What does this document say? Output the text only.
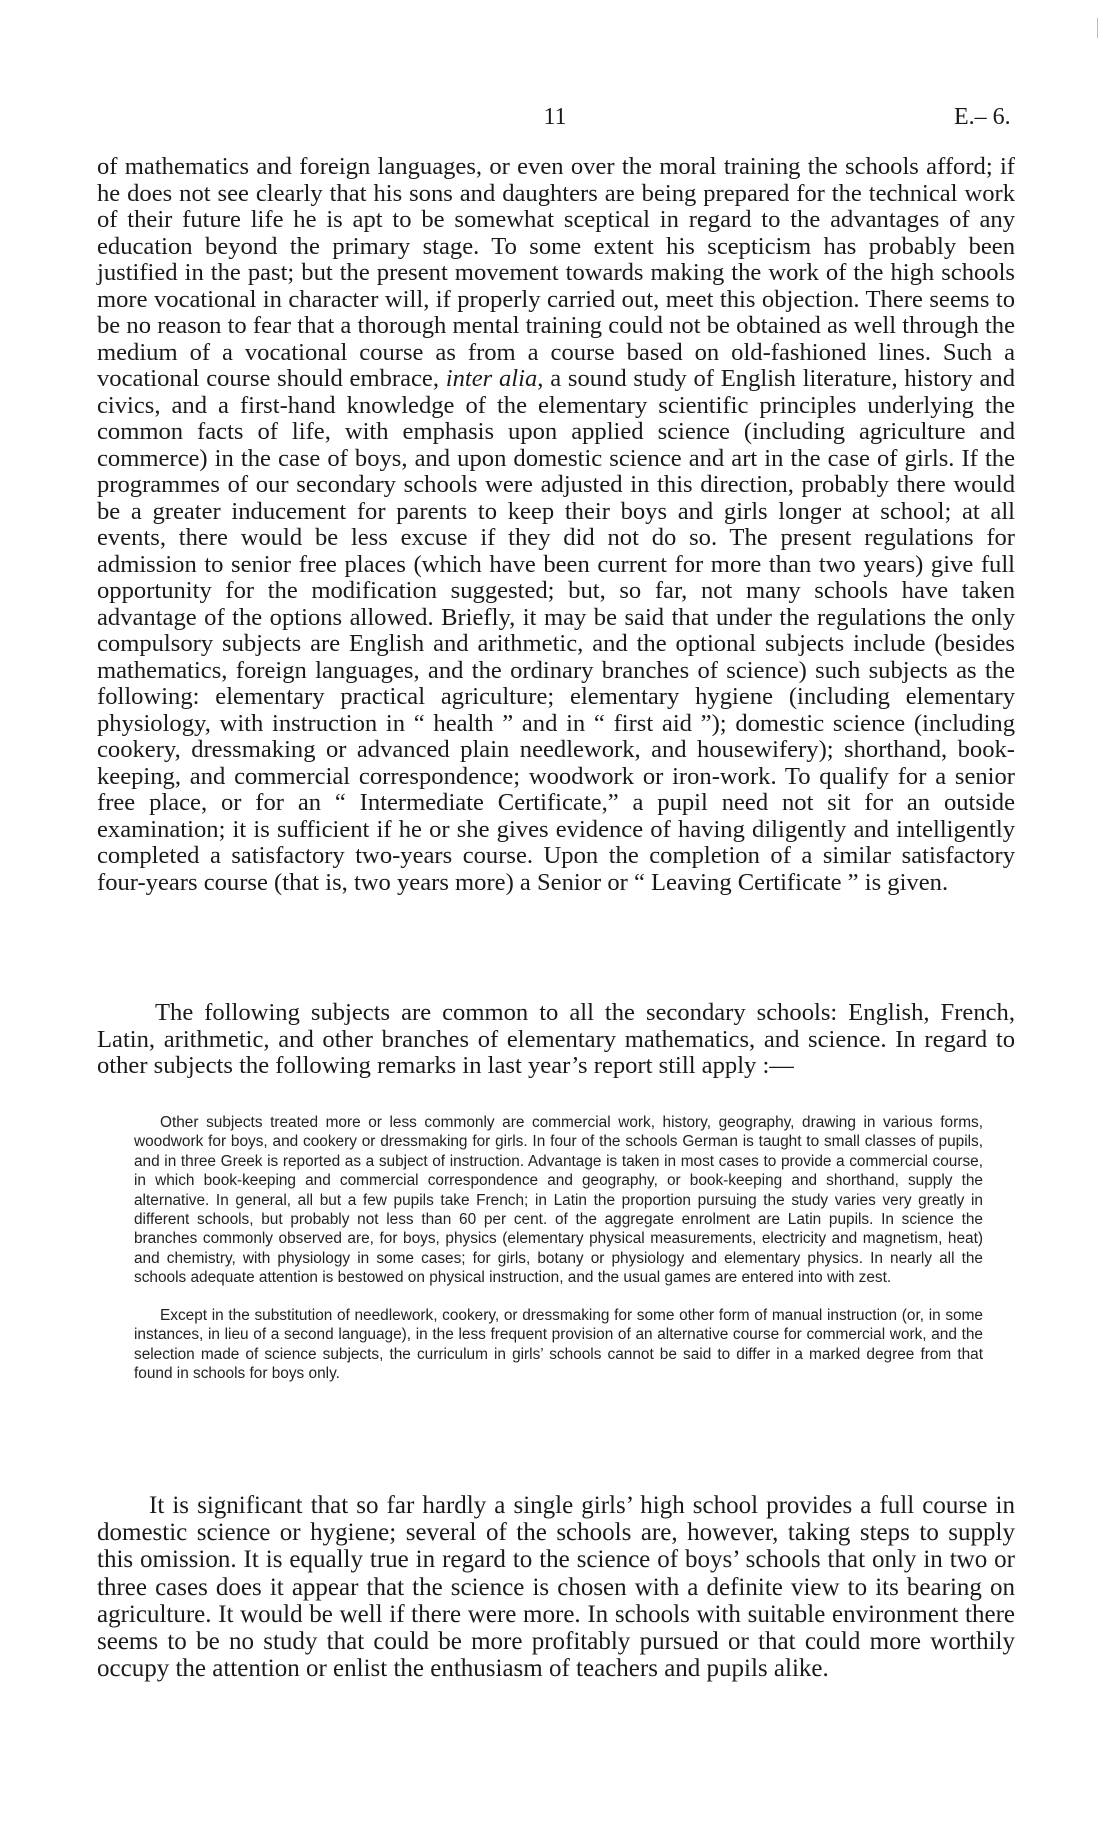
11	E.– 6.

of mathematics and foreign languages, or even over the moral training the schools afford; if he does not see clearly that his sons and daughters are being prepared for the technical work of their future life he is apt to be somewhat sceptical in regard to the advantages of any education beyond the primary stage. To some extent his scepticism has probably been justified in the past; but the present movement towards making the work of the high schools more vocational in character will, if properly carried out, meet this objection. There seems to be no reason to fear that a thorough mental training could not be obtained as well through the medium of a vocational course as from a course based on old-fashioned lines. Such a vocational course should embrace, inter alia, a sound study of English literature, history and civics, and a first-hand knowledge of the elementary scientific principles underlying the common facts of life, with emphasis upon applied science (including agriculture and commerce) in the case of boys, and upon domestic science and art in the case of girls. If the programmes of our secondary schools were adjusted in this direction, probably there would be a greater inducement for parents to keep their boys and girls longer at school; at all events, there would be less excuse if they did not do so. The present regulations for admission to senior free places (which have been current for more than two years) give full opportunity for the modification suggested; but, so far, not many schools have taken advantage of the options allowed. Briefly, it may be said that under the regulations the only compulsory subjects are English and arithmetic, and the optional subjects include (besides mathematics, foreign languages, and the ordinary branches of science) such subjects as the following: elementary practical agriculture; elementary hygiene (including elementary physiology, with instruction in “ health ” and in “ first aid ”); domestic science (including cookery, dressmaking or advanced plain needlework, and housewifery); shorthand, book-keeping, and commercial correspondence; woodwork or iron-work. To qualify for a senior free place, or for an “ Intermediate Certificate,” a pupil need not sit for an outside examination; it is sufficient if he or she gives evidence of having diligently and intelligently completed a satisfactory two-years course. Upon the completion of a similar satisfactory four-years course (that is, two years more) a Senior or “ Leaving Certificate ” is given.

The following subjects are common to all the secondary schools: English, French, Latin, arithmetic, and other branches of elementary mathematics, and science. In regard to other subjects the following remarks in last year’s report still apply :—

Other subjects treated more or less commonly are commercial work, history, geography, drawing in various forms, woodwork for boys, and cookery or dressmaking for girls. In four of the schools German is taught to small classes of pupils, and in three Greek is reported as a subject of instruction. Advantage is taken in most cases to provide a commercial course, in which book-keeping and commercial correspondence and geography, or book-keeping and shorthand, supply the alternative. In general, all but a few pupils take French; in Latin the proportion pursuing the study varies very greatly in different schools, but probably not less than 60 per cent. of the aggregate enrolment are Latin pupils. In science the branches commonly observed are, for boys, physics (elementary physical measurements, electricity and magnetism, heat) and chemistry, with physiology in some cases; for girls, botany or physiology and elementary physics. In nearly all the schools adequate attention is bestowed on physical instruction, and the usual games are entered into with zest.

Except in the substitution of needlework, cookery, or dressmaking for some other form of manual instruction (or, in some instances, in lieu of a second language), in the less frequent provision of an alternative course for commercial work, and the selection made of science subjects, the curriculum in girls’ schools cannot be said to differ in a marked degree from that found in schools for boys only.

It is significant that so far hardly a single girls’ high school provides a full course in domestic science or hygiene; several of the schools are, however, taking steps to supply this omission. It is equally true in regard to the science of boys’ schools that only in two or three cases does it appear that the science is chosen with a definite view to its bearing on agriculture. It would be well if there were more. In schools with suitable environment there seems to be no study that could be more profitably pursued or that could more worthily occupy the attention or enlist the enthusiasm of teachers and pupils alike.
